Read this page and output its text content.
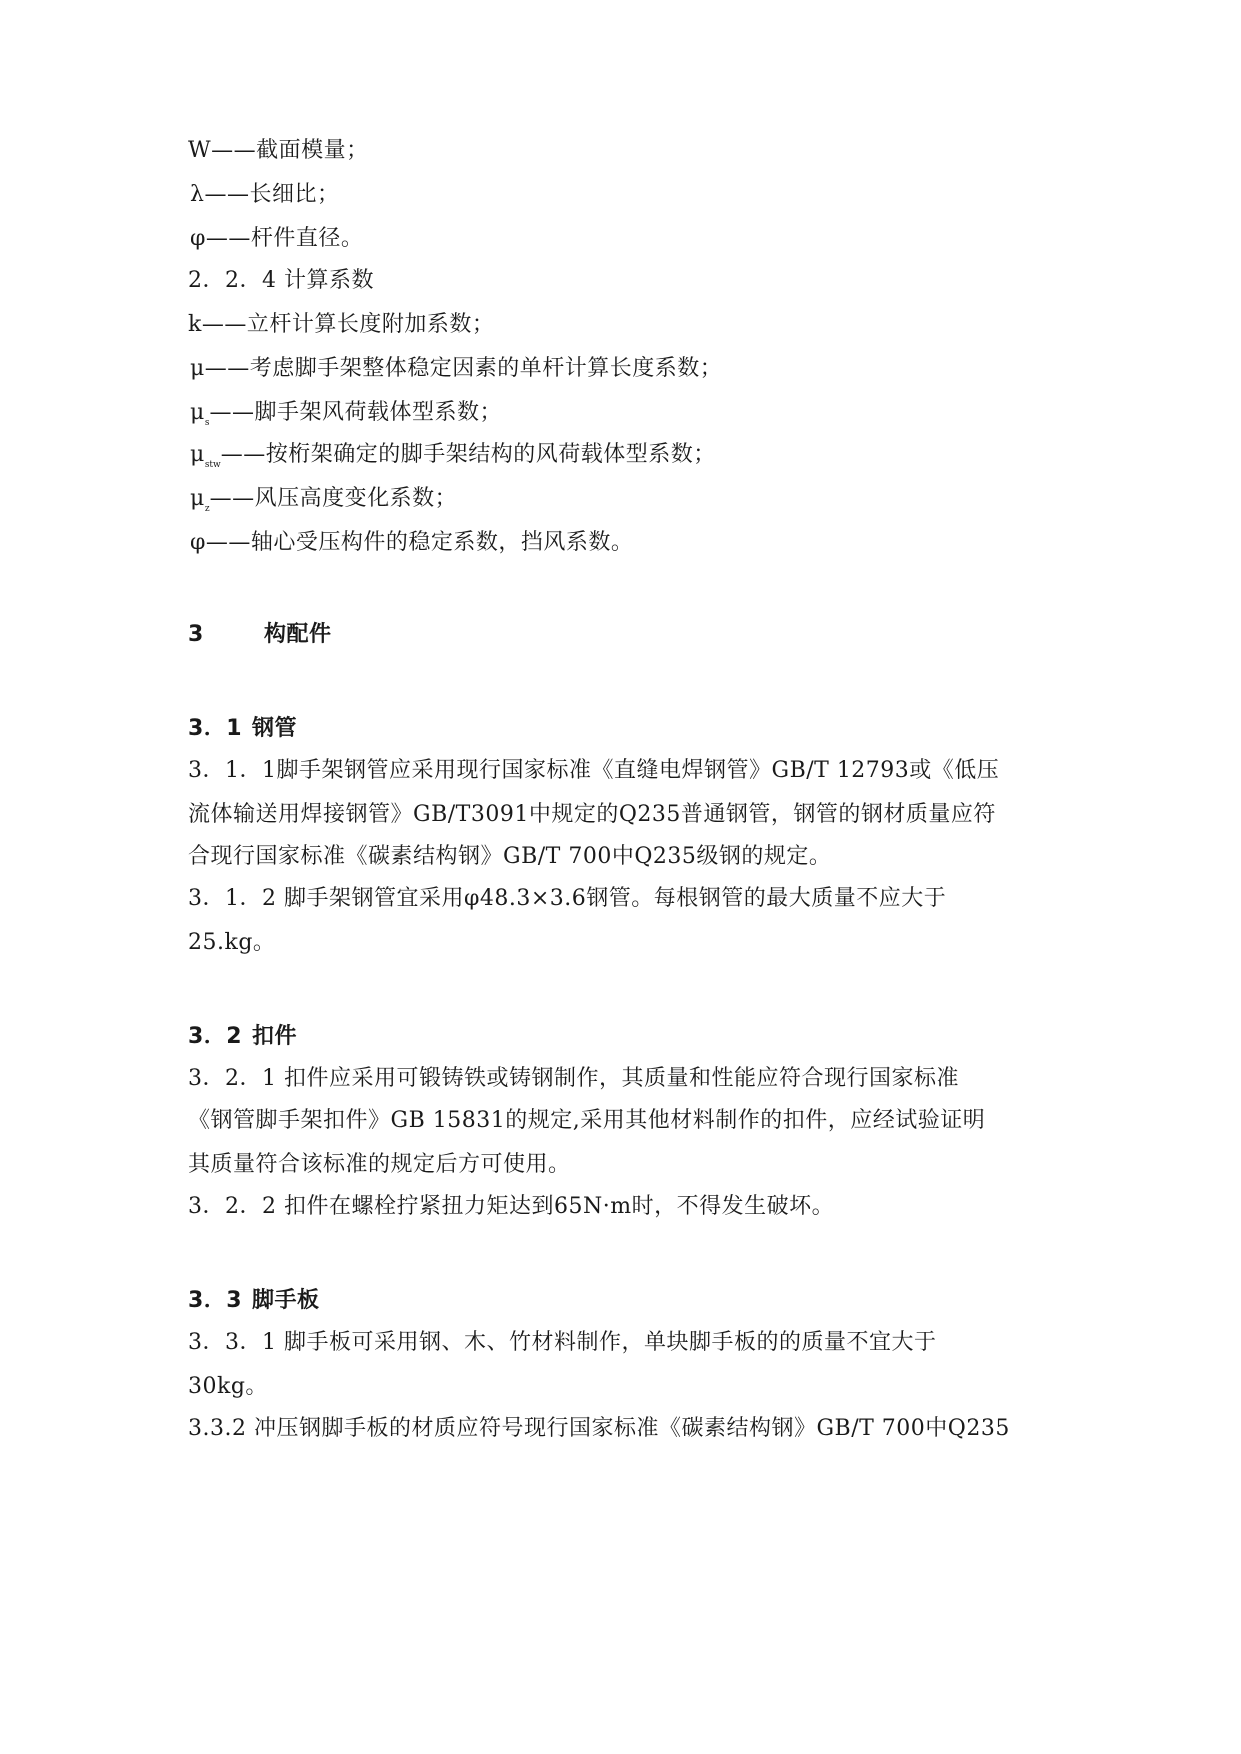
W——截面模量；
λ——长细比；
φ——杆件直径。
2．2．4 计算系数
k——立杆计算长度附加系数；
μ——考虑脚手架整体稳定因素的单杆计算长度系数；
$\mu_s——$脚手架风荷载体型系数；
$\mu_{stw}——$按桁架确定的脚手架结构的风荷载体型系数；
$\mu_z——$风压高度变化系数；
φ——轴心受压构件的稳定系数，挡风系数。
3	构配件
3．1 钢管
3．1．1脚手架钢管应采用现行国家标准《直缝电焊钢管》GB/T 12793或《低压
流体输送用焊接钢管》GB/T3091中规定的Q235普通钢管，钢管的钢材质量应符
合现行国家标准《碳素结构钢》GB/T 700中Q235级钢的规定。
3．1．2 脚手架钢管宜采用φ48.3×3.6钢管。每根钢管的最大质量不应大于
25.kg。
3．2 扣件
3．2．1 扣件应采用可锻铸铁或铸钢制作，其质量和性能应符合现行国家标准
《钢管脚手架扣件》GB 15831的规定,采用其他材料制作的扣件，应经试验证明
其质量符合该标准的规定后方可使用。
3．2．2 扣件在螺栓拧紧扭力矩达到65N·m时，不得发生破坏。
3．3 脚手板
3．3．1 脚手板可采用钢、木、竹材料制作，单块脚手板的的质量不宜大于
30kg。
3.3.2 冲压钢脚手板的材质应符号现行国家标准《碳素结构钢》GB/T 700中Q235
